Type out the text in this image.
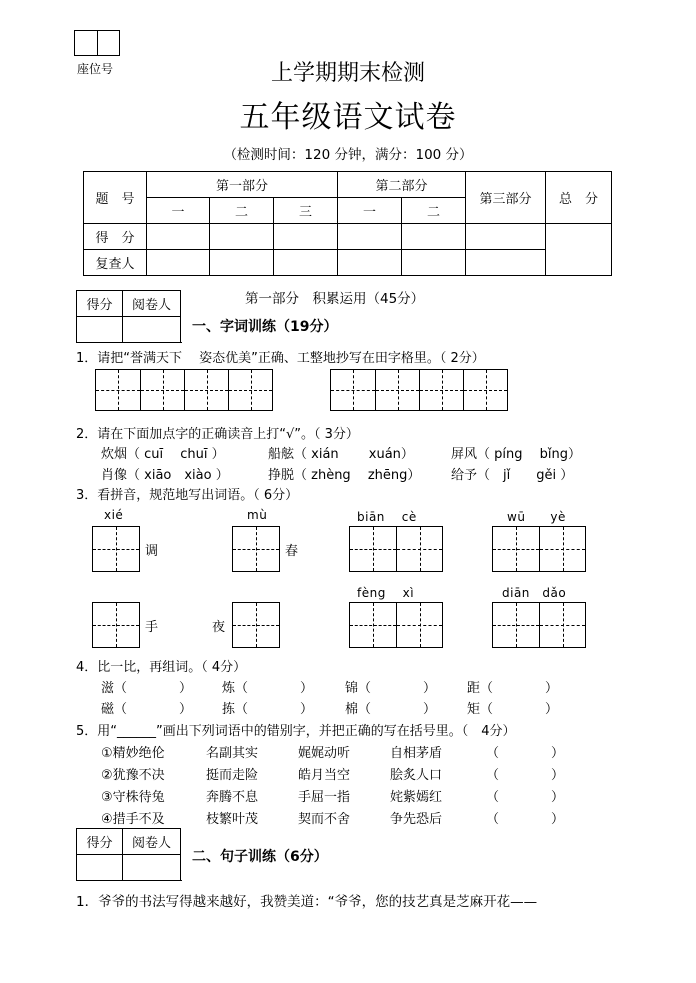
座位号	上学期期末检测
五年级语文试卷
（检测时间：120 分钟，满分：100 分）
题　号	第一部分			第二部分		第三部分	总　分
	一	二	三	一	二		
得　分							
复查人							
得分	阅卷人
		第一部分　积累运用（45分）
一、字词训练（19分）
1．请把“誉满天下　 姿态优美”正确、工整地抄写在田字格里。（ 2分）
2．请在下面加点字的正确读音上打“√”。（ 3分）
炊烟（ cuī　 chuī ）	船舷（ xián　　 xuán）	屏风（ píng　 bǐng）
肖像（ xiāo　xiào ）	挣脱（ zhèng　 zhēng） 给予（　jǐ　　gěi ）
3．看拼音，规范地写出词语。（ 6分）
xié	mù	biān　 cè	wū　　yè
调	春
fèng　 xì	diān　dǎo
手	夜
4．比一比，再组词。（ 4分）
滋（　　　　） 炼（　　　　） 锦（　　　　） 距（　　　　）
磁（　　　　） 拣（　　　　） 棉（　　　　） 矩（　　　　）
5．用“______”画出下列词语中的错别字，并把正确的写在括号里。（　4分）
①精妙绝伦	名副其实	娓娓动听	自相茅盾	（　　　　）
②犹豫不决	挺而走险	皓月当空	脍炙人口	（　　　　）
③守株待兔	奔腾不息	手屈一指	姹紫嫣红	（　　　　）
④措手不及	枝繁叶茂	契而不舍	争先恐后	（　　　　）
得分	阅卷人

二、句子训练（6分）
1．爷爷的书法写得越来越好，我赞美道：“爷爷，您的技艺真是芝麻开花——
